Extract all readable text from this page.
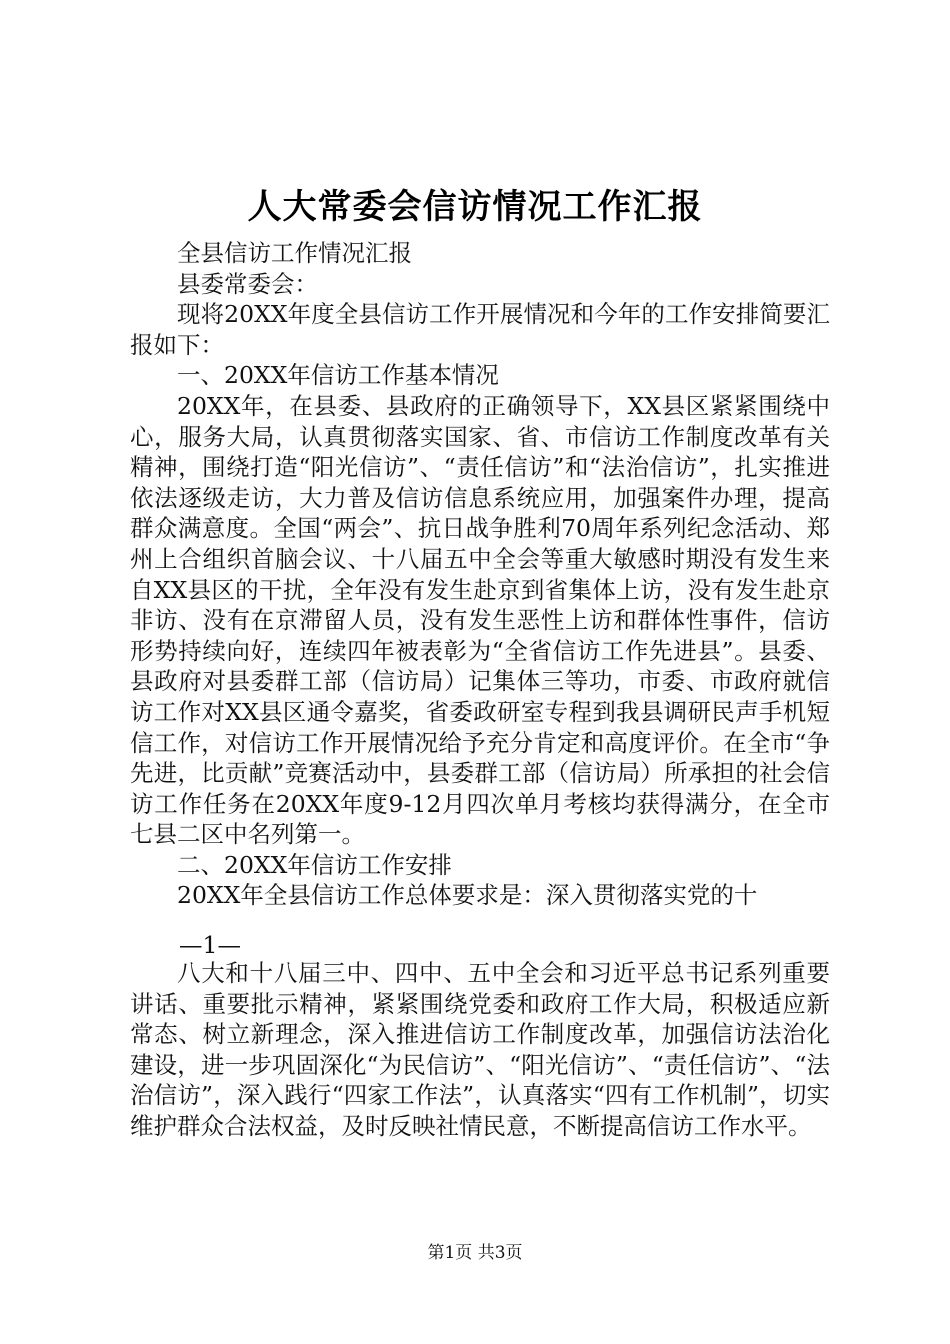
人大常委会信访情况工作汇报

全县信访工作情况汇报

县委常委会：

现将20XX年度全县信访工作开展情况和今年的工作安排简要汇报如下：

一、20XX年信访工作基本情况

20XX年，在县委、县政府的正确领导下，XX县区紧紧围绕中心，服务大局，认真贯彻落实国家、省、市信访工作制度改革有关精神，围绕打造“阳光信访”、“责任信访”和“法治信访”，扎实推进依法逐级走访，大力普及信访信息系统应用，加强案件办理，提高群众满意度。全国“两会”、抗日战争胜利70周年系列纪念活动、郑州上合组织首脑会议、十八届五中全会等重大敏感时期没有发生来自XX县区的干扰，全年没有发生赴京到省集体上访，没有发生赴京非访、没有在京滞留人员，没有发生恶性上访和群体性事件，信访形势持续向好，连续四年被表彰为“全省信访工作先进县”。县委、县政府对县委群工部（信访局）记集体三等功，市委、市政府就信访工作对XX县区通令嘉奖，省委政研室专程到我县调研民声手机短信工作，对信访工作开展情况给予充分肯定和高度评价。在全市“争先进，比贡献”竞赛活动中，县委群工部（信访局）所承担的社会信访工作任务在20XX年度9-12月四次单月考核均获得满分，在全市七县二区中名列第一。

二、20XX年信访工作安排

20XX年全县信访工作总体要求是：深入贯彻落实党的十

—1—

八大和十八届三中、四中、五中全会和习近平总书记系列重要讲话、重要批示精神，紧紧围绕党委和政府工作大局，积极适应新常态、树立新理念，深入推进信访工作制度改革，加强信访法治化建设，进一步巩固深化“为民信访”、“阳光信访”、“责任信访”、“法治信访”，深入践行“四家工作法”，认真落实“四有工作机制”，切实维护群众合法权益，及时反映社情民意，不断提高信访工作水平。

第1页 共3页
